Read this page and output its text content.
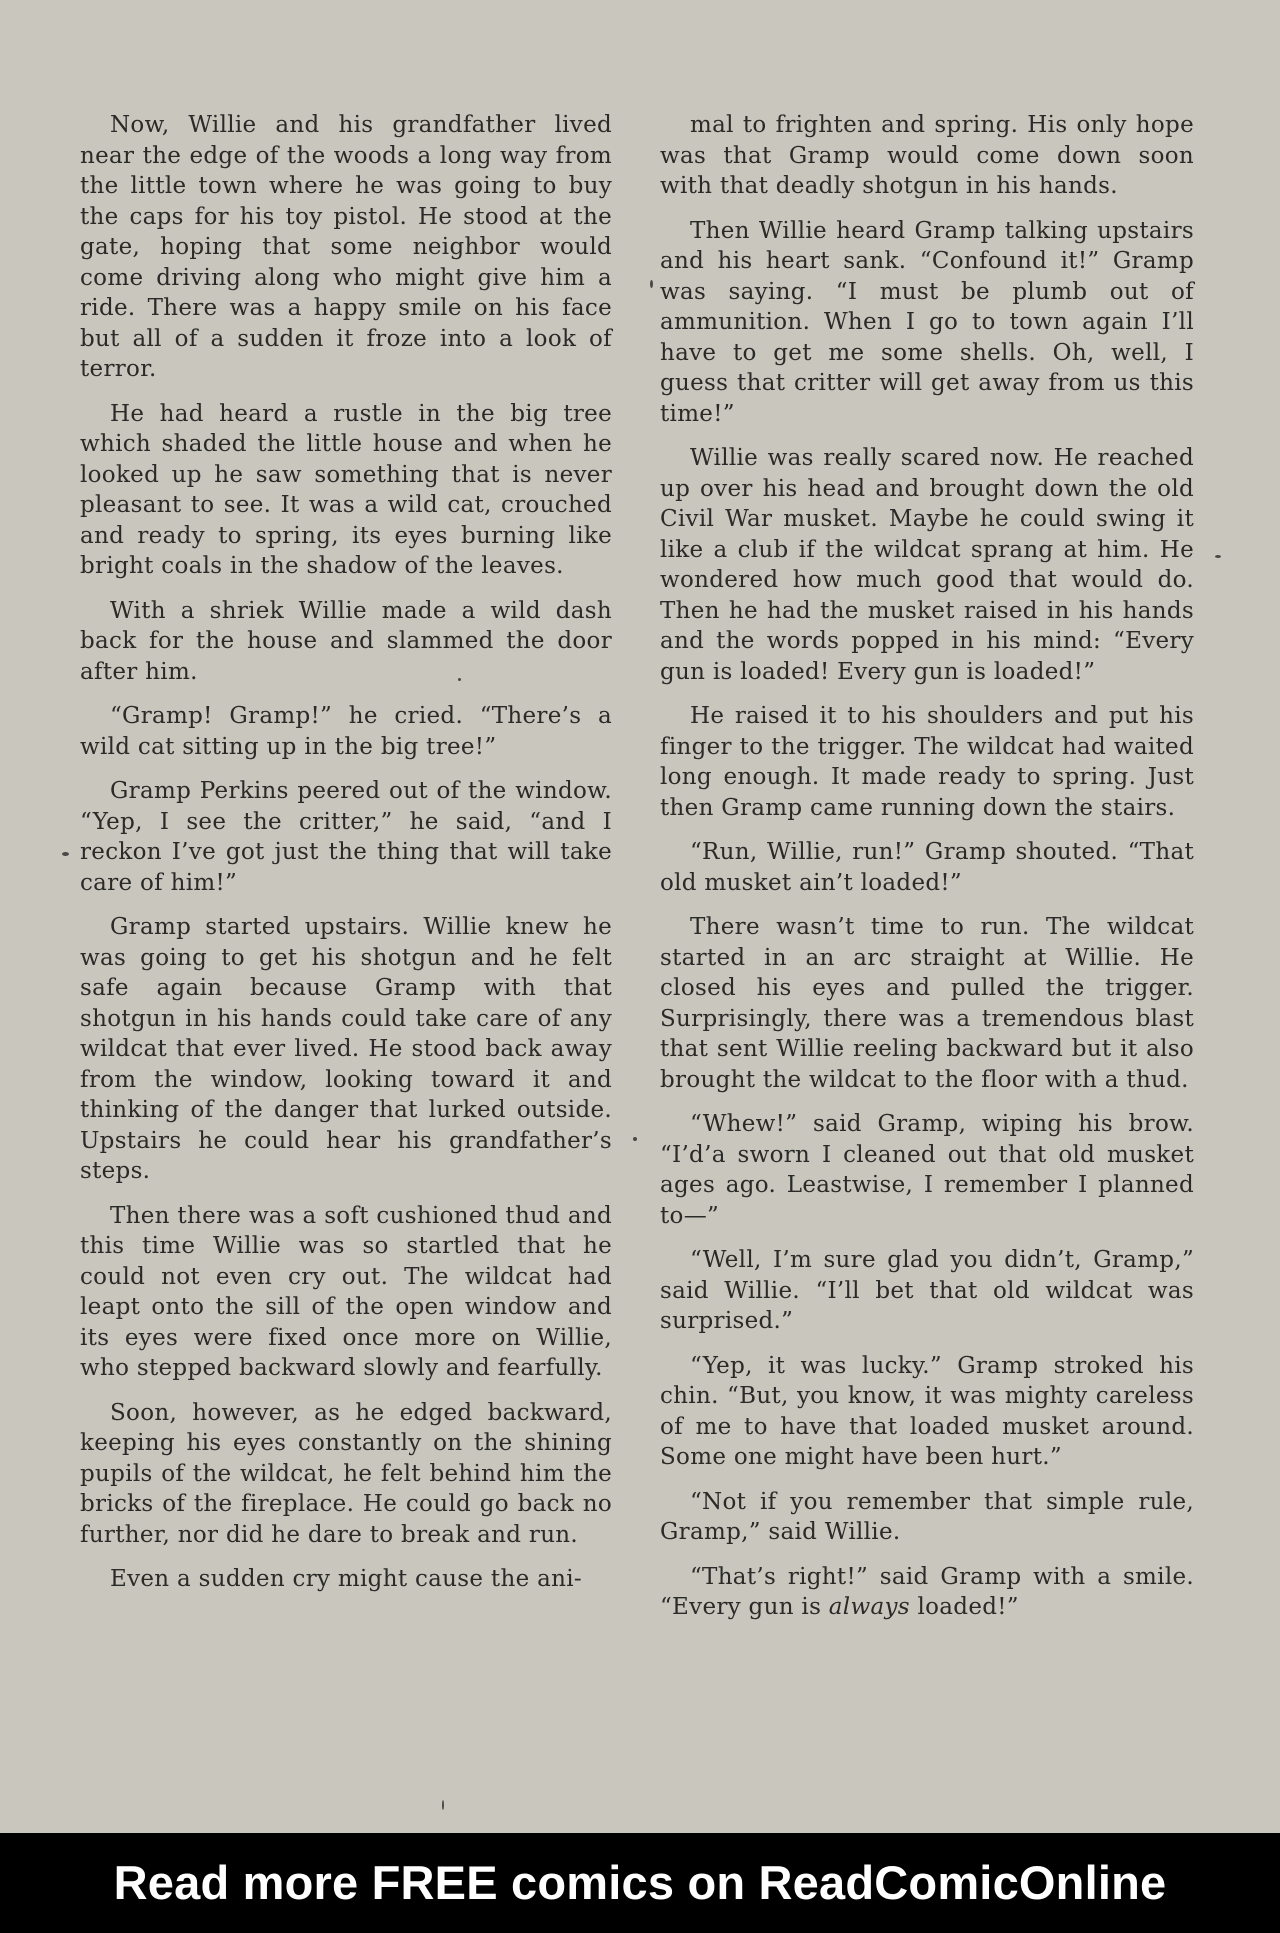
Now, Willie and his grandfather lived near the edge of the woods a long way from the little town where he was going to buy the caps for his toy pistol. He stood at the gate, hoping that some neighbor would come driving along who might give him a ride. There was a happy smile on his face but all of a sudden it froze into a look of terror.

He had heard a rustle in the big tree which shaded the little house and when he looked up he saw something that is never pleasant to see. It was a wild cat, crouched and ready to spring, its eyes burning like bright coals in the shadow of the leaves.

With a shriek Willie made a wild dash back for the house and slammed the door after him.

“Gramp! Gramp!” he cried. “There’s a wild cat sitting up in the big tree!”

Gramp Perkins peered out of the window. “Yep, I see the critter,” he said, “and I reckon I’ve got just the thing that will take care of him!”

Gramp started upstairs. Willie knew he was going to get his shotgun and he felt safe again because Gramp with that shotgun in his hands could take care of any wildcat that ever lived. He stood back away from the window, looking toward it and thinking of the danger that lurked outside. Upstairs he could hear his grandfather’s steps.

Then there was a soft cushioned thud and this time Willie was so startled that he could not even cry out. The wildcat had leapt onto the sill of the open window and its eyes were fixed once more on Willie, who stepped backward slowly and fearfully.

Soon, however, as he edged backward, keeping his eyes constantly on the shining pupils of the wildcat, he felt behind him the bricks of the fireplace. He could go back no further, nor did he dare to break and run.

Even a sudden cry might cause the ani-

mal to frighten and spring. His only hope was that Gramp would come down soon with that deadly shotgun in his hands.

Then Willie heard Gramp talking upstairs and his heart sank. “Confound it!” Gramp was saying. “I must be plumb out of ammunition. When I go to town again I’ll have to get me some shells. Oh, well, I guess that critter will get away from us this time!”

Willie was really scared now. He reached up over his head and brought down the old Civil War musket. Maybe he could swing it like a club if the wildcat sprang at him. He wondered how much good that would do. Then he had the musket raised in his hands and the words popped in his mind: “Every gun is loaded! Every gun is loaded!”

He raised it to his shoulders and put his finger to the trigger. The wildcat had waited long enough. It made ready to spring. Just then Gramp came running down the stairs.

“Run, Willie, run!” Gramp shouted. “That old musket ain’t loaded!”

There wasn’t time to run. The wildcat started in an arc straight at Willie. He closed his eyes and pulled the trigger. Surprisingly, there was a tremendous blast that sent Willie reeling backward but it also brought the wildcat to the floor with a thud.

“Whew!” said Gramp, wiping his brow. “I’d’a sworn I cleaned out that old musket ages ago. Leastwise, I remember I planned to—”

“Well, I’m sure glad you didn’t, Gramp,” said Willie. “I’ll bet that old wildcat was surprised.”

“Yep, it was lucky.” Gramp stroked his chin. “But, you know, it was mighty careless of me to have that loaded musket around. Some one might have been hurt.”

“Not if you remember that simple rule, Gramp,” said Willie.

“That’s right!” said Gramp with a smile. “Every gun is always loaded!”

Read more FREE comics on ReadComicOnline
